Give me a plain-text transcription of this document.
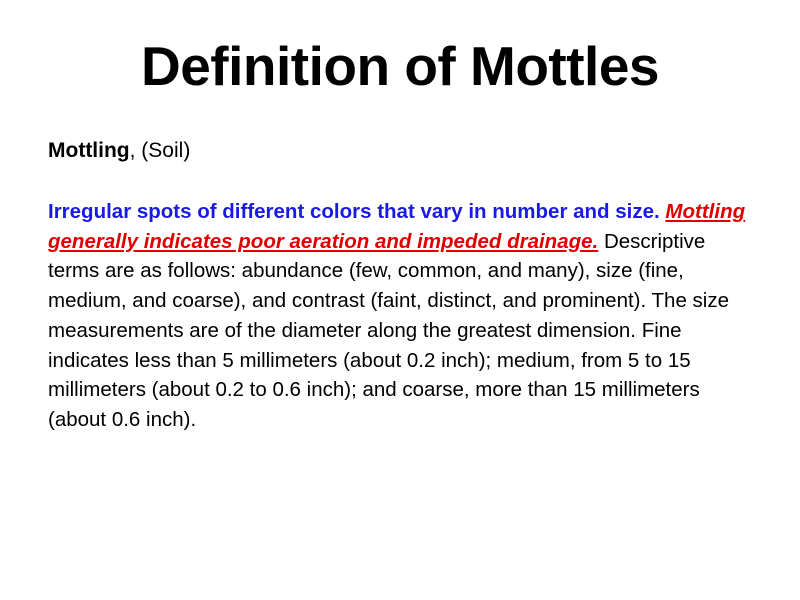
Definition of Mottles

Mottling, (Soil)

Irregular spots of different colors that vary in number and size. Mottling generally indicates poor aeration and impeded drainage. Descriptive terms are as follows: abundance (few, common, and many), size (fine, medium, and coarse), and contrast (faint, distinct, and prominent). The size measurements are of the diameter along the greatest dimension. Fine indicates less than 5 millimeters (about 0.2 inch); medium, from 5 to 15 millimeters (about 0.2 to 0.6 inch); and coarse, more than 15 millimeters (about 0.6 inch).
